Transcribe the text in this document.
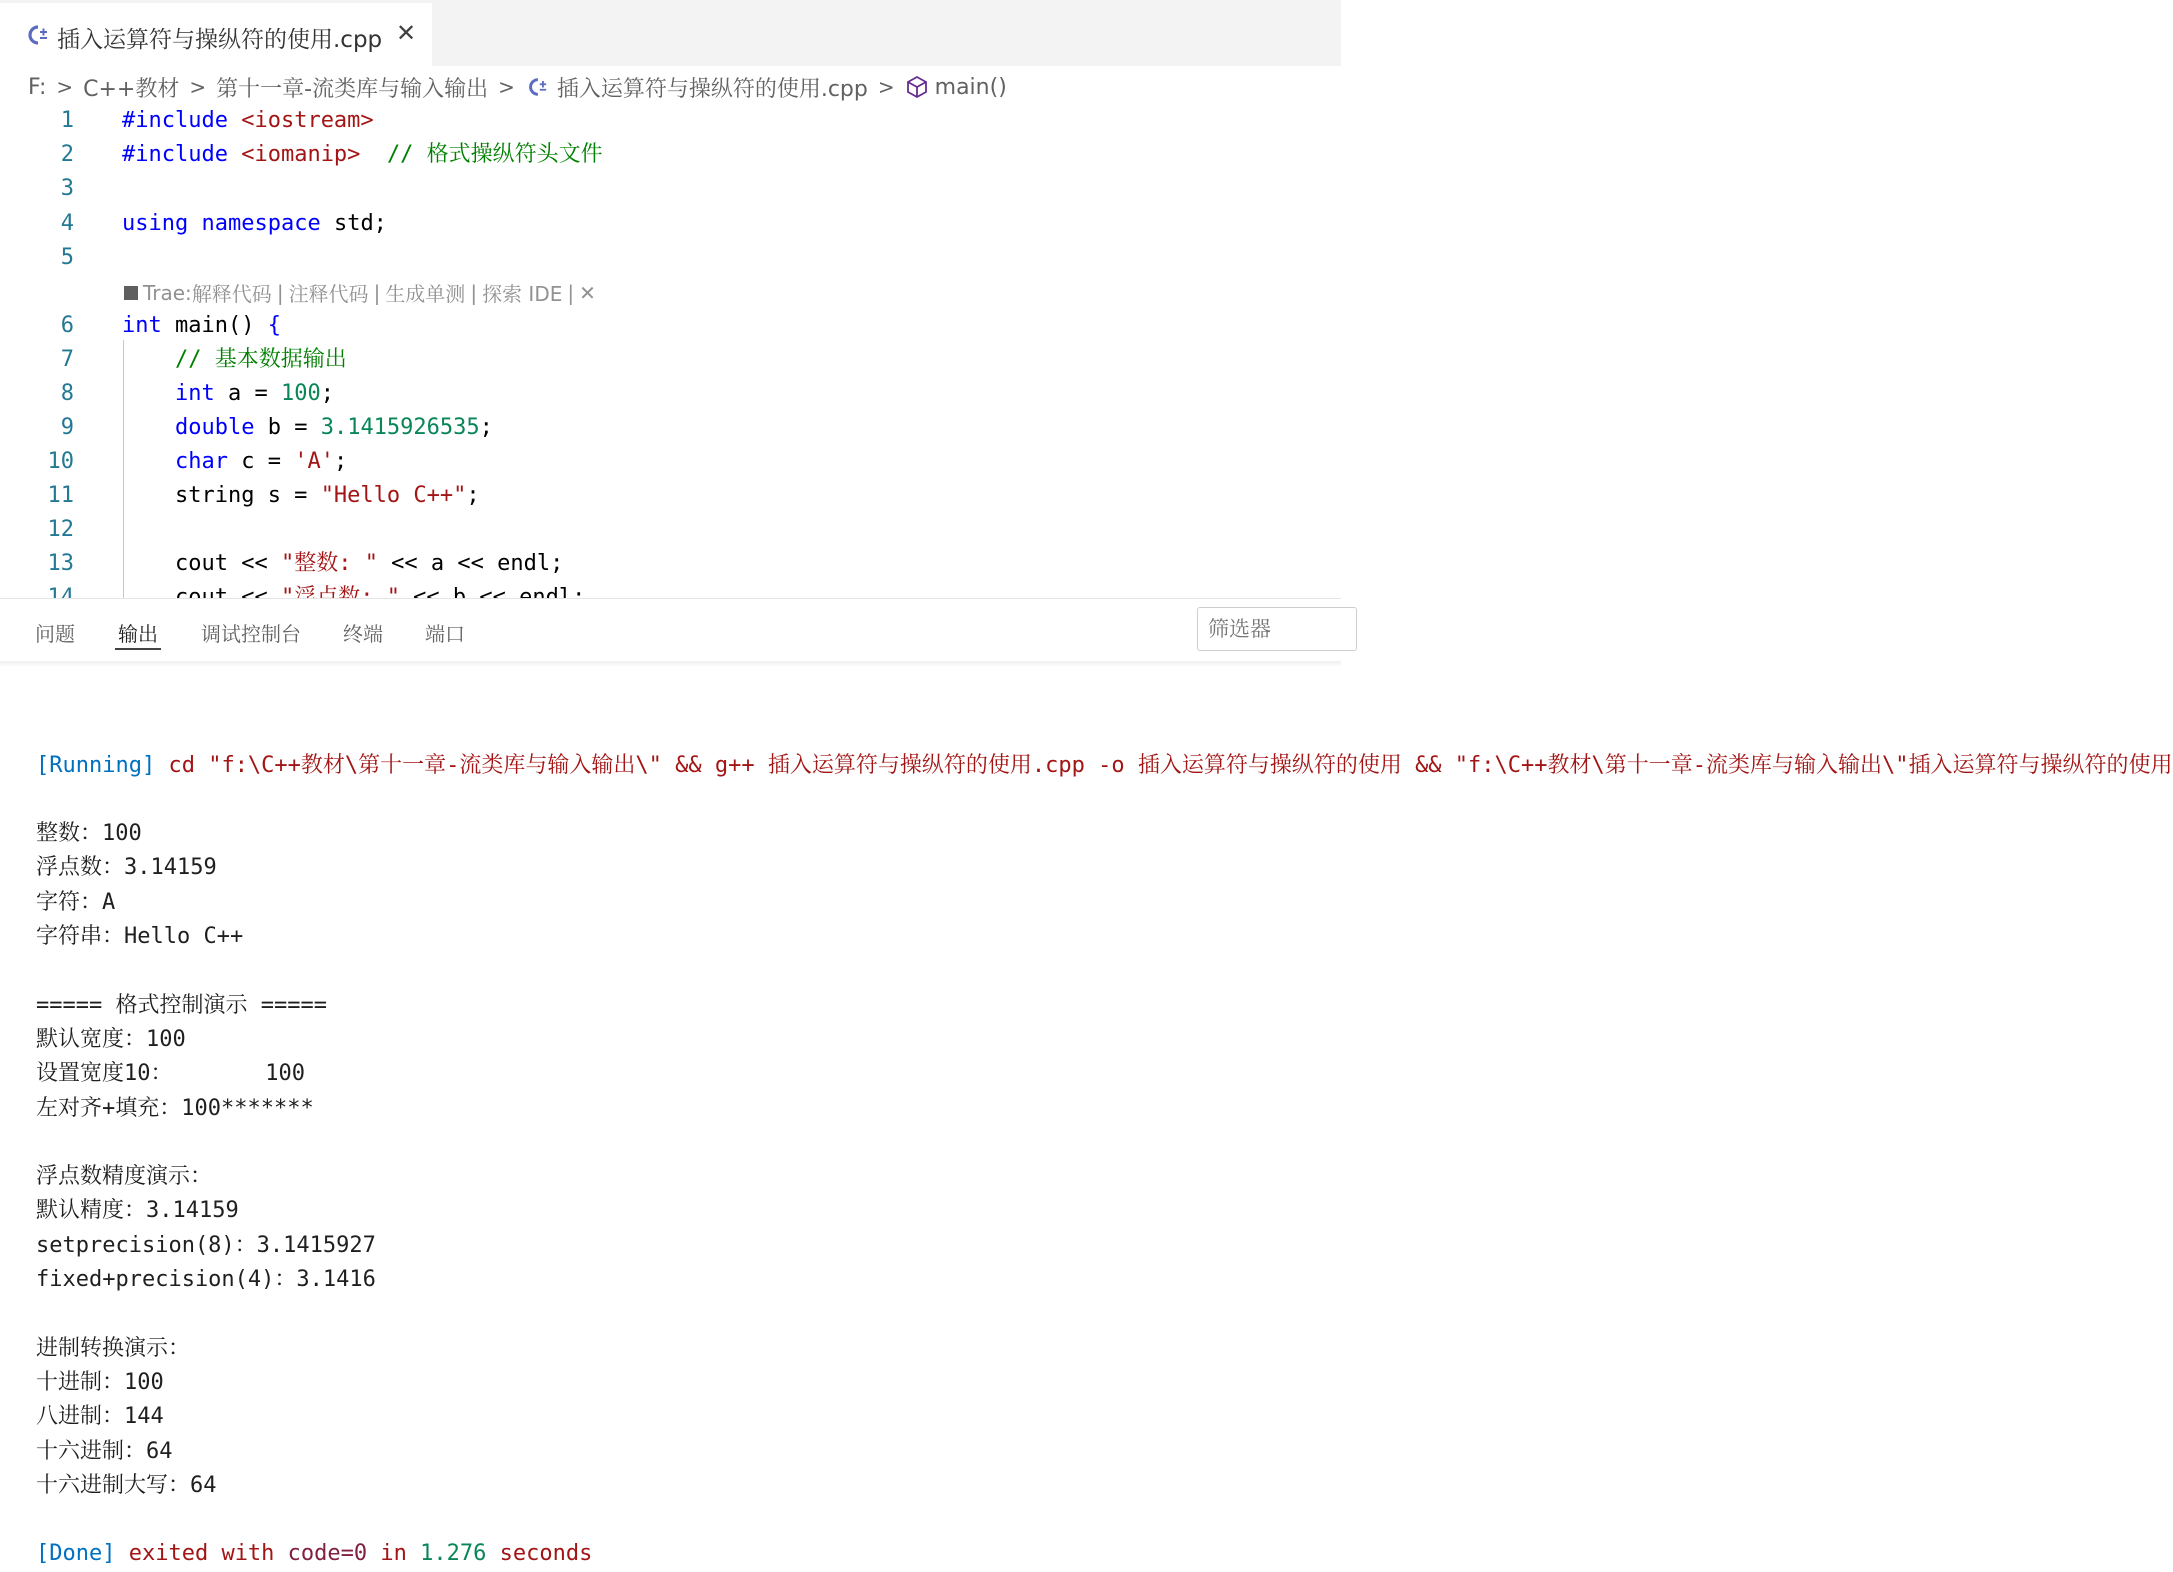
插入运算符与操纵符的使用.cpp ✕
F: > C++教材 > 第十一章-流类库与输入输出 > 插入运算符与操纵符的使用.cpp > main()
Trae: 解释代码 | 注释代码 | 生成单测 | 探索 IDE | ✕
1 #include <iostream>
2 #include <iomanip> // 格式操纵符头文件
3
4 using namespace std;
5
6 int main() {
7	// 基本数据输出
8	int a = 100;
9	double b = 3.1415926535;
10	char c = 'A';
11 string s = "Hello C++";
12
13 cout << "整数: " << a << endl;
问题 输出 调试控制台 终端 端口
筛选器

[Running] cd "f:\C++教材\第十一章-流类库与输入输出\" && g++ 插入运算符与操纵符的使用.cpp -o 插入运算符与操纵符的使用 && "f:\C++教材\第十一章-流类库与输入输出\"插入运算符与操纵符的使用

整数：100
浮点数：3.14159
字符：A
字符串：Hello C++
===== 格式控制演示 =====
默认宽度：100
设置宽度10：       100
左对齐+填充：100*******
浮点数精度演示：
默认精度：3.14159
setprecision(8)：3.1415927
fixed+precision(4)：3.1416
进制转换演示：
十进制：100
八进制：144
十六进制：64
十六进制大写：64
[Done] exited with code=0 in 1.276 seconds
